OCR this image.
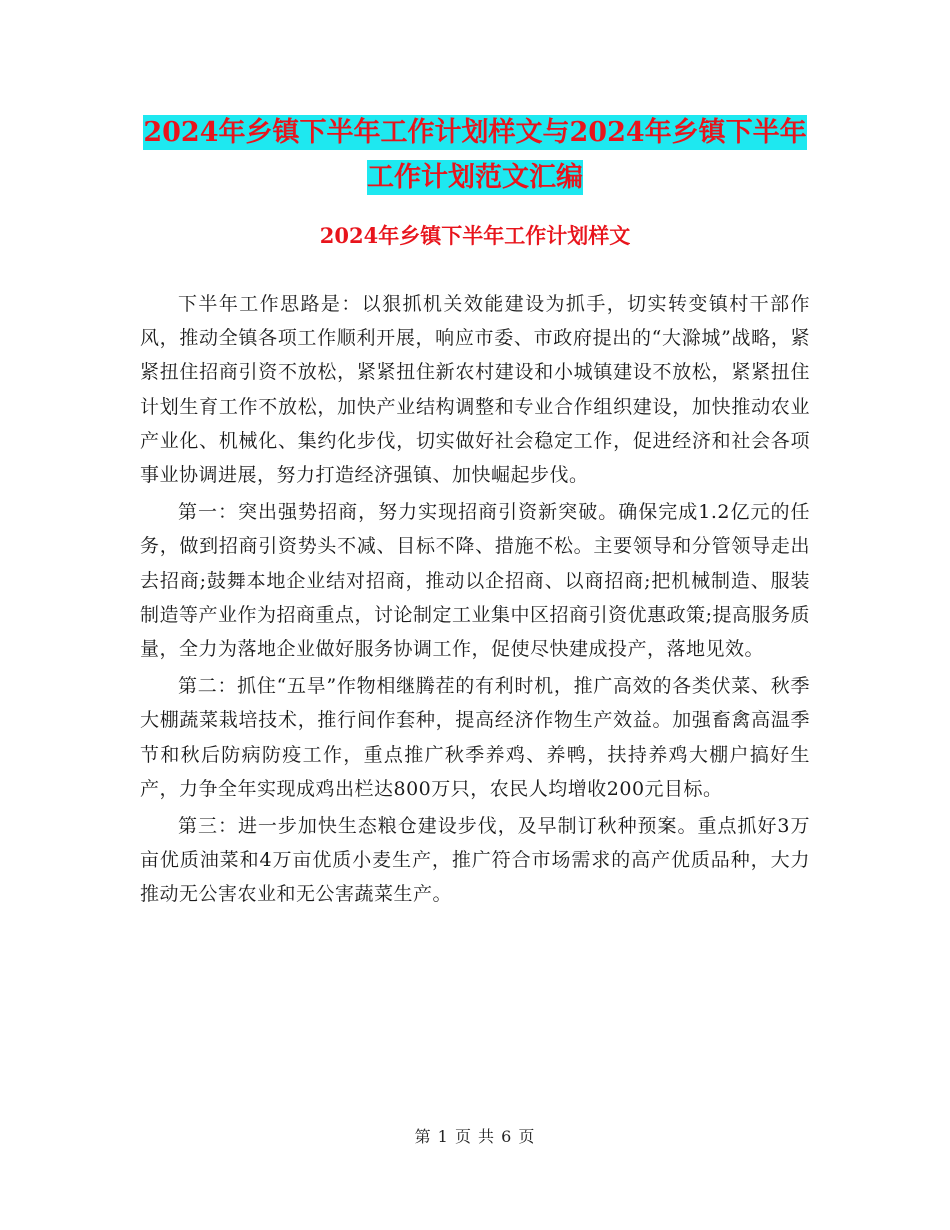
2024年乡镇下半年工作计划样文与2024年乡镇下半年
工作计划范文汇编
2024年乡镇下半年工作计划样文

下半年工作思路是：以狠抓机关效能建设为抓手，切实转变镇村干部作风，推动全镇各项工作顺利开展，响应市委、市政府提出的“大滁城”战略，紧紧扭住招商引资不放松，紧紧扭住新农村建设和小城镇建设不放松，紧紧扭住计划生育工作不放松，加快产业结构调整和专业合作组织建设，加快推动农业产业化、机械化、集约化步伐，切实做好社会稳定工作，促进经济和社会各项事业协调进展，努力打造经济强镇、加快崛起步伐。

第一：突出强势招商，努力实现招商引资新突破。确保完成1.2亿元的任务，做到招商引资势头不减、目标不降、措施不松。主要领导和分管领导走出去招商;鼓舞本地企业结对招商，推动以企招商、以商招商;把机械制造、服装制造等产业作为招商重点，讨论制定工业集中区招商引资优惠政策;提高服务质量，全力为落地企业做好服务协调工作，促使尽快建成投产，落地见效。

第二：抓住“五旱”作物相继腾茬的有利时机，推广高效的各类伏菜、秋季大棚蔬菜栽培技术，推行间作套种，提高经济作物生产效益。加强畜禽高温季节和秋后防病防疫工作，重点推广秋季养鸡、养鸭，扶持养鸡大棚户搞好生产，力争全年实现成鸡出栏达800万只，农民人均增收200元目标。

第三：进一步加快生态粮仓建设步伐，及早制订秋种预案。重点抓好3万亩优质油菜和4万亩优质小麦生产，推广符合市场需求的高产优质品种，大力推动无公害农业和无公害蔬菜生产。

第 1 页 共 6 页
